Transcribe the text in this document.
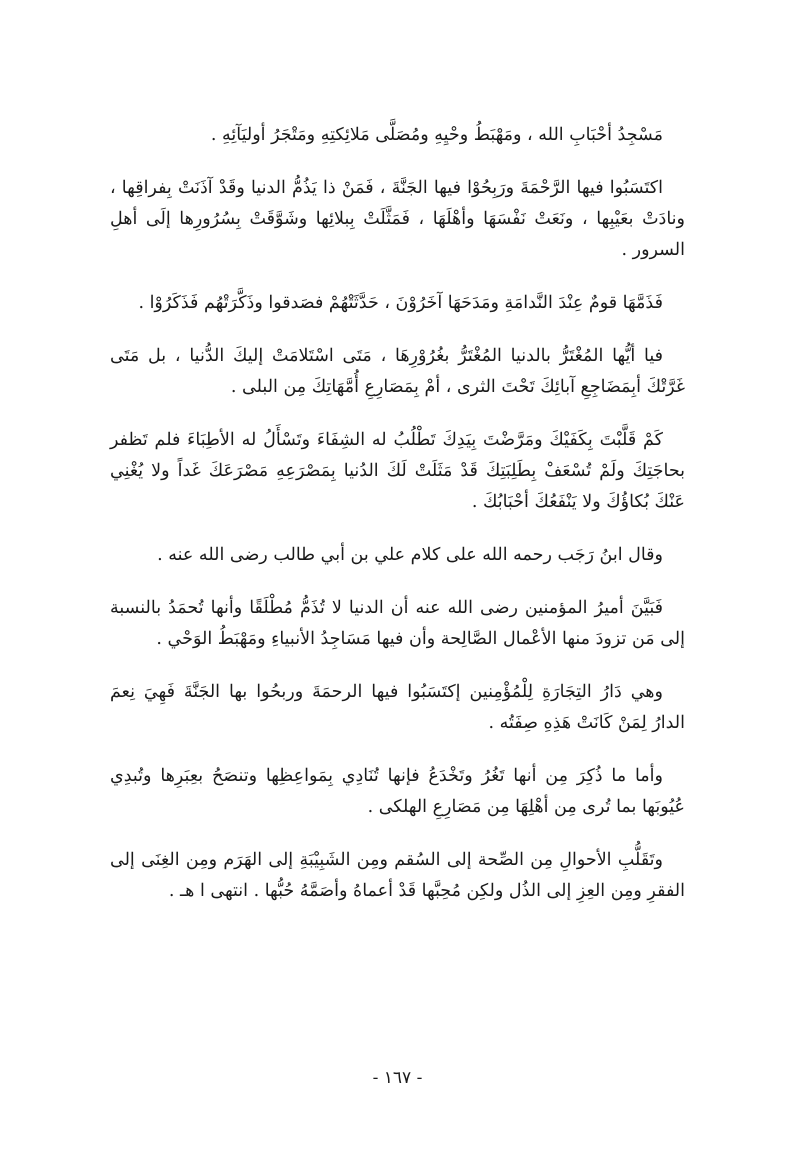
مَسْجِدُ أحْبَابِ الله ، ومَهْبَطُ وحْيِهِ ومُصَلَّى مَلائِكتِهِ ومَتْجَرُ أوليَآئِهِ .

اكتَسَبُوا فيها الرَّحْمَةَ ورَبِحُوْا فيها الجَنَّةَ ، فَمَنْ ذا يَذُمُّ الدنيا وقَدْ آذَنَتْ بِفراقِها ، ونادَتْ بعَيْبِها ، ونَعَتْ نَفْسَهَا وأهْلَهَا ، فَمَثَّلَتْ بِبلائِها وشَوَّقَتْ بِسُرُورِها إلَى أهلِ السرور .

فَذَمَّهَا قومٌ عِنْدَ النَّدامَةِ ومَدَحَهَا آخَرُوْنَ ، حَدَّثَتْهُمْ فصَدقوا وذَكَّرَتْهُم فَذَكَرُوْا .

فيا أيُّها المُغْتَرُّ بالدنيا المُغْتَرُّ بغُرُوْرِهَا ، مَتَى اسْتَلامَتْ إليكَ الدُّنيا ، بل مَتَى غَرَّتْكَ أبِمَضَاجِعِ آبائِكَ تَحْتَ الثرى ، أمْ بِمَصَارِعِ أُمَّهَاتِكَ مِن البلى .

كَمْ قَلَّبْتَ بِكَفَيْكَ ومَرَّضْتَ بِيَدِكَ تَطْلُبُ له الشِفَاءَ وتَسْأَلُ له الأطِبَاءَ فلم تَظفر بحاجَتِكَ ولَمْ تُسْعَفْ بِطَلِبَتِكَ قَدْ مَثَلَتْ لَكَ الدُنيا بِمَصْرَعِهِ مَصْرَعَكَ غَداً ولا يُغْنِي عَنْكَ بُكاؤُكَ ولا يَنْفَعُكَ أحْبَابُكَ .

وقال ابنُ رَجَب رحمه الله على كلام علي بن أبي طالب رضى الله عنه .

فَبَيَّنَ أميرُ المؤمنين رضى الله عنه أن الدنيا لا تُذَمُّ مُطْلَقًا وأنها تُحمَدُ بالنسبة إلى مَن تزودَ منها الأعْمال الصَّالِحة وأن فيها مَسَاجِدُ الأنبياءِ ومَهْبَطُ الوَحْي .

وهي دَارُ التِجَارَةِ لِلْمُؤْمِنين إكتَسَبُوا فيها الرحمَةَ وربحُوا بها الجَنَّةَ فَهِيَ نِعمَ الدارُ لِمَنْ كَانَتْ هَذِهِ صِفَتُه .

وأما ما ذُكِرَ مِن أنها تَغُرُ وتَخْدَعُ فإنها تُنَادِي بِمَواعِظِها وتنصَحُ بعِبَرِها وتُبدِي عُيُوبَها بما تُرى مِن أهْلِهَا مِن مَصَارِعِ الهلكى .

وتَقَلُّبِ الأحوالِ مِن الصِّحة إلى السُقم ومِن الشَبِيْبَةِ إلى الهَرَم ومِن الغِنَى إلى الفقرِ ومِن العِزِ إلى الذُل ولكِن مُحِبَّها قَدْ أعماهُ وأصَمَّهُ حُبُّها . انتهى ا هـ .

- ١٦٧ -
